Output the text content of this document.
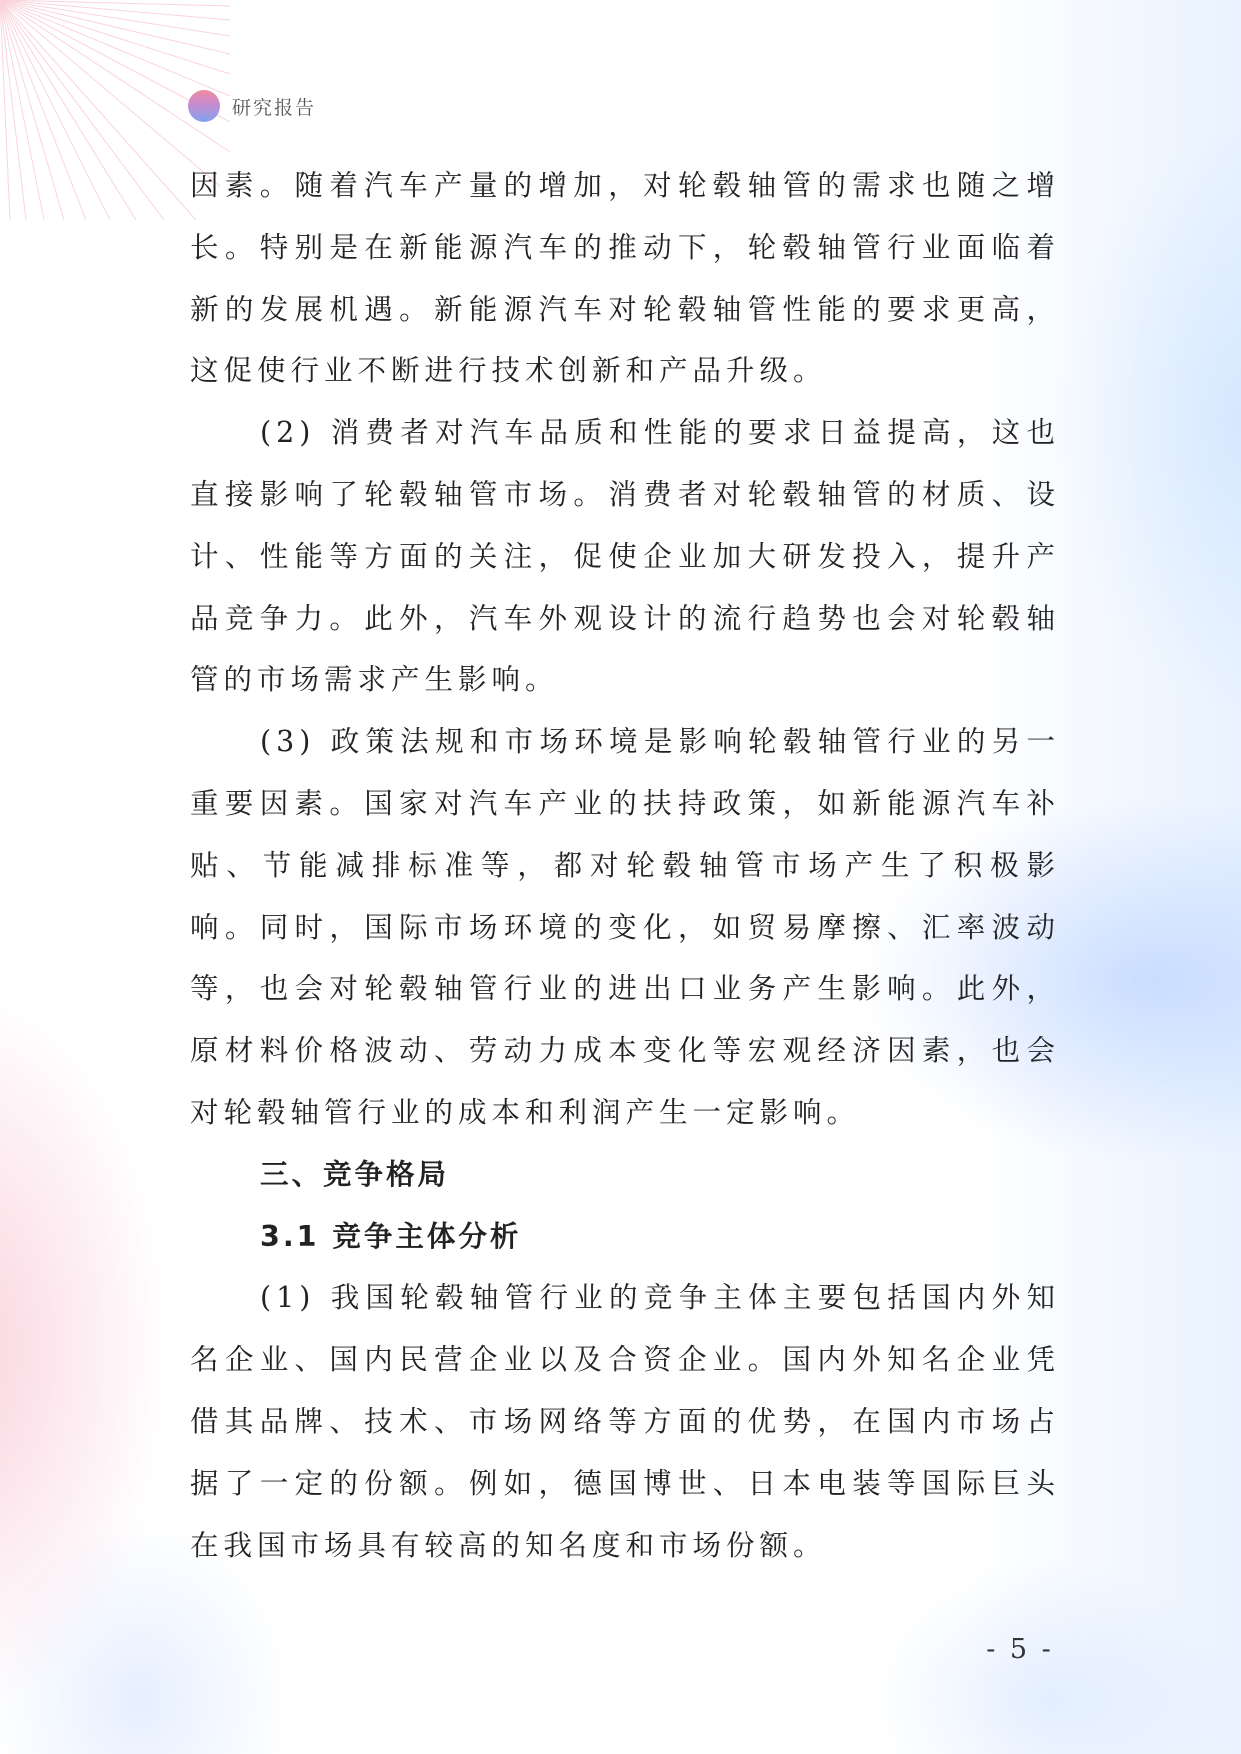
研究报告

因素。随着汽车产量的增加，对轮毂轴管的需求也随之增长。特别是在新能源汽车的推动下，轮毂轴管行业面临着新的发展机遇。新能源汽车对轮毂轴管性能的要求更高，这促使行业不断进行技术创新和产品升级。

(2) 消费者对汽车品质和性能的要求日益提高，这也直接影响了轮毂轴管市场。消费者对轮毂轴管的材质、设计、性能等方面的关注，促使企业加大研发投入，提升产品竞争力。此外，汽车外观设计的流行趋势也会对轮毂轴管的市场需求产生影响。

(3) 政策法规和市场环境是影响轮毂轴管行业的另一重要因素。国家对汽车产业的扶持政策，如新能源汽车补贴、节能减排标准等，都对轮毂轴管市场产生了积极影响。同时，国际市场环境的变化，如贸易摩擦、汇率波动等，也会对轮毂轴管行业的进出口业务产生影响。此外，原材料价格波动、劳动力成本变化等宏观经济因素，也会对轮毂轴管行业的成本和利润产生一定影响。

三、竞争格局
3.1 竞争主体分析

(1) 我国轮毂轴管行业的竞争主体主要包括国内外知名企业、国内民营企业以及合资企业。国内外知名企业凭借其品牌、技术、市场网络等方面的优势，在国内市场占据了一定的份额。例如，德国博世、日本电装等国际巨头在我国市场具有较高的知名度和市场份额。

- 5 -
